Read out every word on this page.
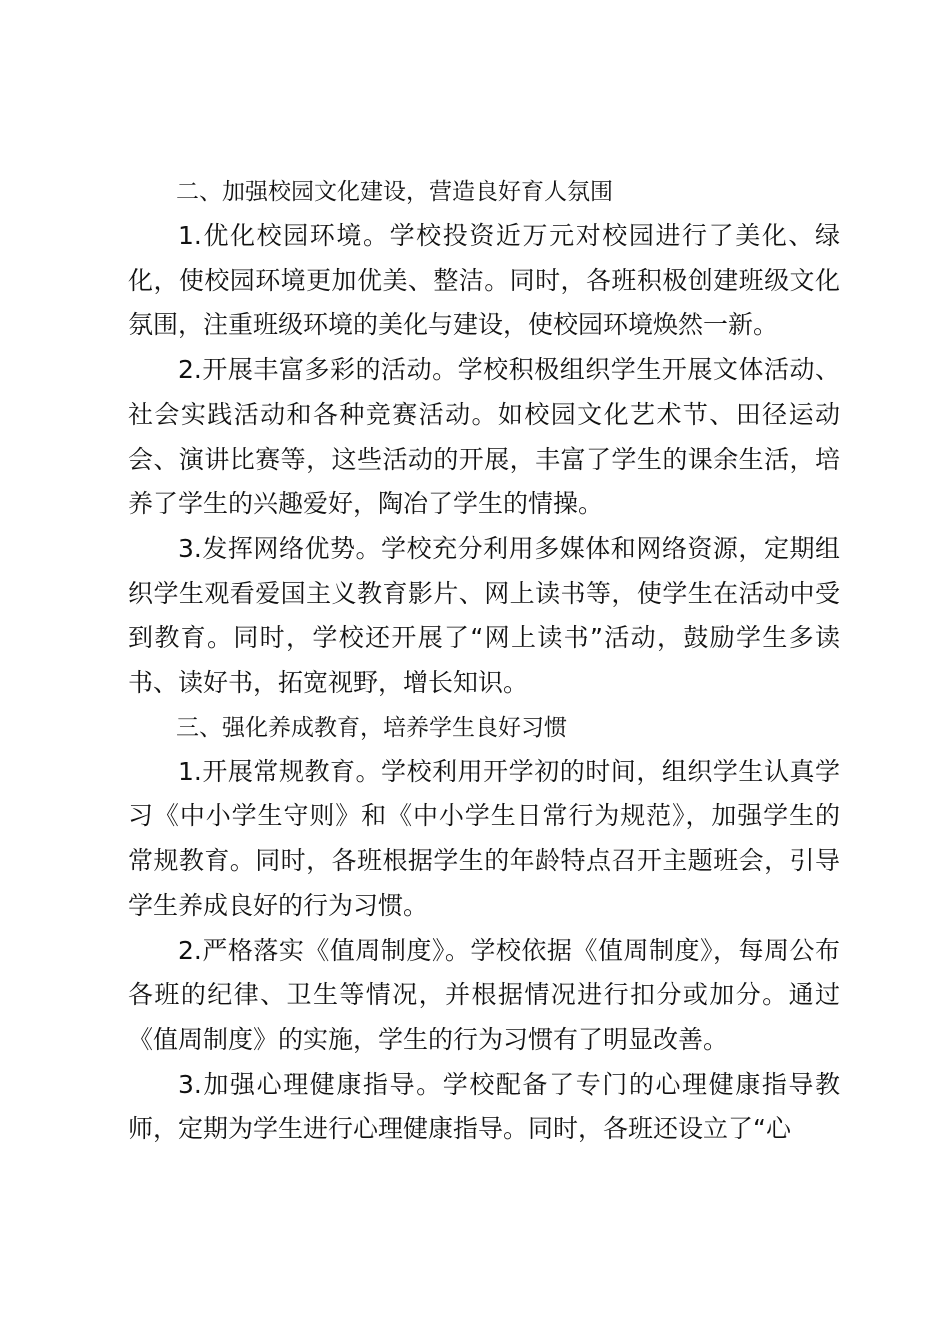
二、加强校园文化建设，营造良好育人氛围

1.优化校园环境。学校投资近万元对校园进行了美化、绿化，使校园环境更加优美、整洁。同时，各班积极创建班级文化氛围，注重班级环境的美化与建设，使校园环境焕然一新。

2.开展丰富多彩的活动。学校积极组织学生开展文体活动、社会实践活动和各种竞赛活动。如校园文化艺术节、田径运动会、演讲比赛等，这些活动的开展，丰富了学生的课余生活，培养了学生的兴趣爱好，陶冶了学生的情操。

3.发挥网络优势。学校充分利用多媒体和网络资源，定期组织学生观看爱国主义教育影片、网上读书等，使学生在活动中受到教育。同时，学校还开展了“网上读书”活动，鼓励学生多读书、读好书，拓宽视野，增长知识。

三、强化养成教育，培养学生良好习惯

1.开展常规教育。学校利用开学初的时间，组织学生认真学习《中小学生守则》和《中小学生日常行为规范》，加强学生的常规教育。同时，各班根据学生的年龄特点召开主题班会，引导学生养成良好的行为习惯。

2.严格落实《值周制度》。学校依据《值周制度》，每周公布各班的纪律、卫生等情况，并根据情况进行扣分或加分。通过《值周制度》的实施，学生的行为习惯有了明显改善。

3.加强心理健康指导。学校配备了专门的心理健康指导教师，定期为学生进行心理健康指导。同时，各班还设立了“心
